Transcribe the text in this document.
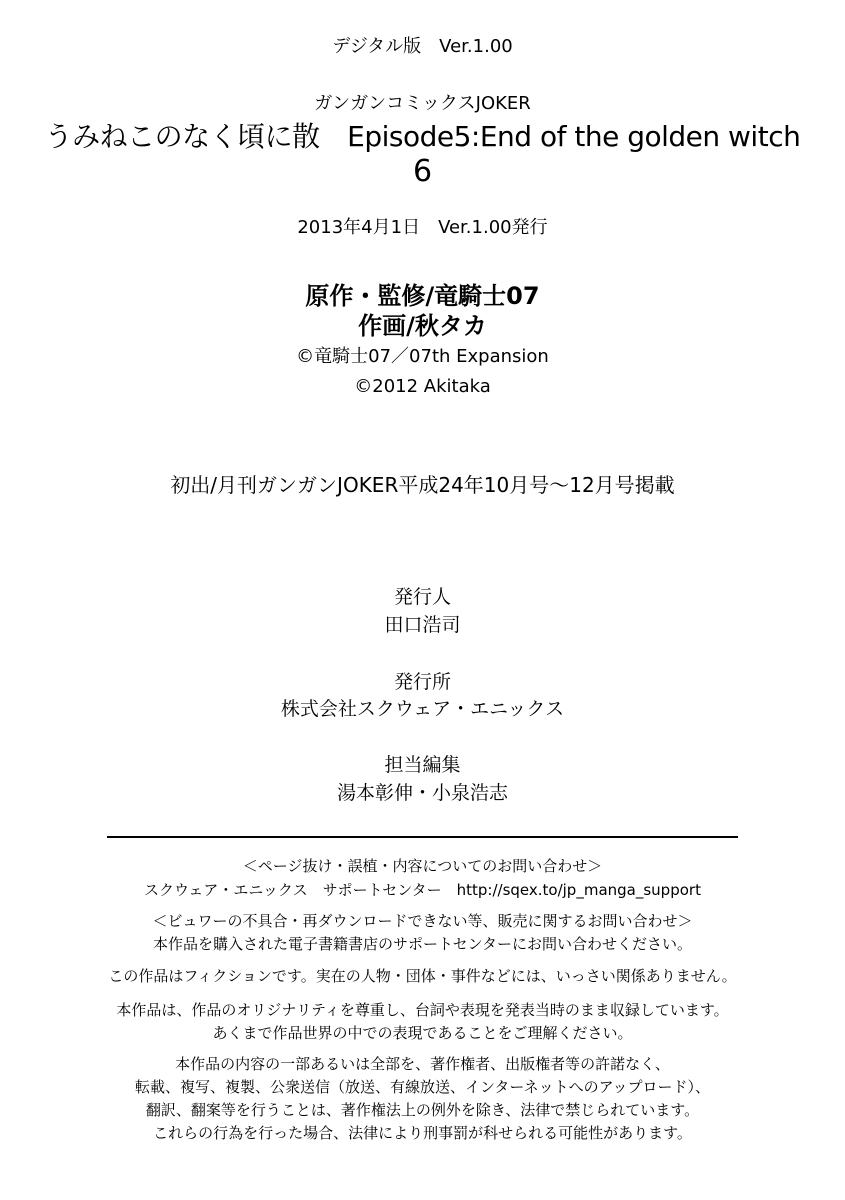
デジタル版　Ver.1.00
ガンガンコミックスJOKER
うみねこのなく頃に散　Episode5:End of the golden witch
6
2013年4月1日　Ver.1.00発行
原作・監修/竜騎士07
作画/秋タカ
©竜騎士07／07th Expansion
©2012 Akitaka
初出/月刊ガンガンJOKER平成24年10月号～12月号掲載
発行人
田口浩司
発行所
株式会社スクウェア・エニックス
担当編集
湯本彰伸・小泉浩志
＜ページ抜け・誤植・内容についてのお問い合わせ＞
スクウェア・エニックス　サポートセンター　http://sqex.to/jp_manga_support
＜ビュワーの不具合・再ダウンロードできない等、販売に関するお問い合わせ＞
本作品を購入された電子書籍書店のサポートセンターにお問い合わせください。
この作品はフィクションです。実在の人物・団体・事件などには、いっさい関係ありません。
本作品は、作品のオリジナリティを尊重し、台詞や表現を発表当時のまま収録しています。
あくまで作品世界の中での表現であることをご理解ください。
本作品の内容の一部あるいは全部を、著作権者、出版権者等の許諾なく、
転載、複写、複製、公衆送信（放送、有線放送、インターネットへのアップロード）、
翻訳、翻案等を行うことは、著作権法上の例外を除き、法律で禁じられています。
これらの行為を行った場合、法律により刑事罰が科せられる可能性があります。
